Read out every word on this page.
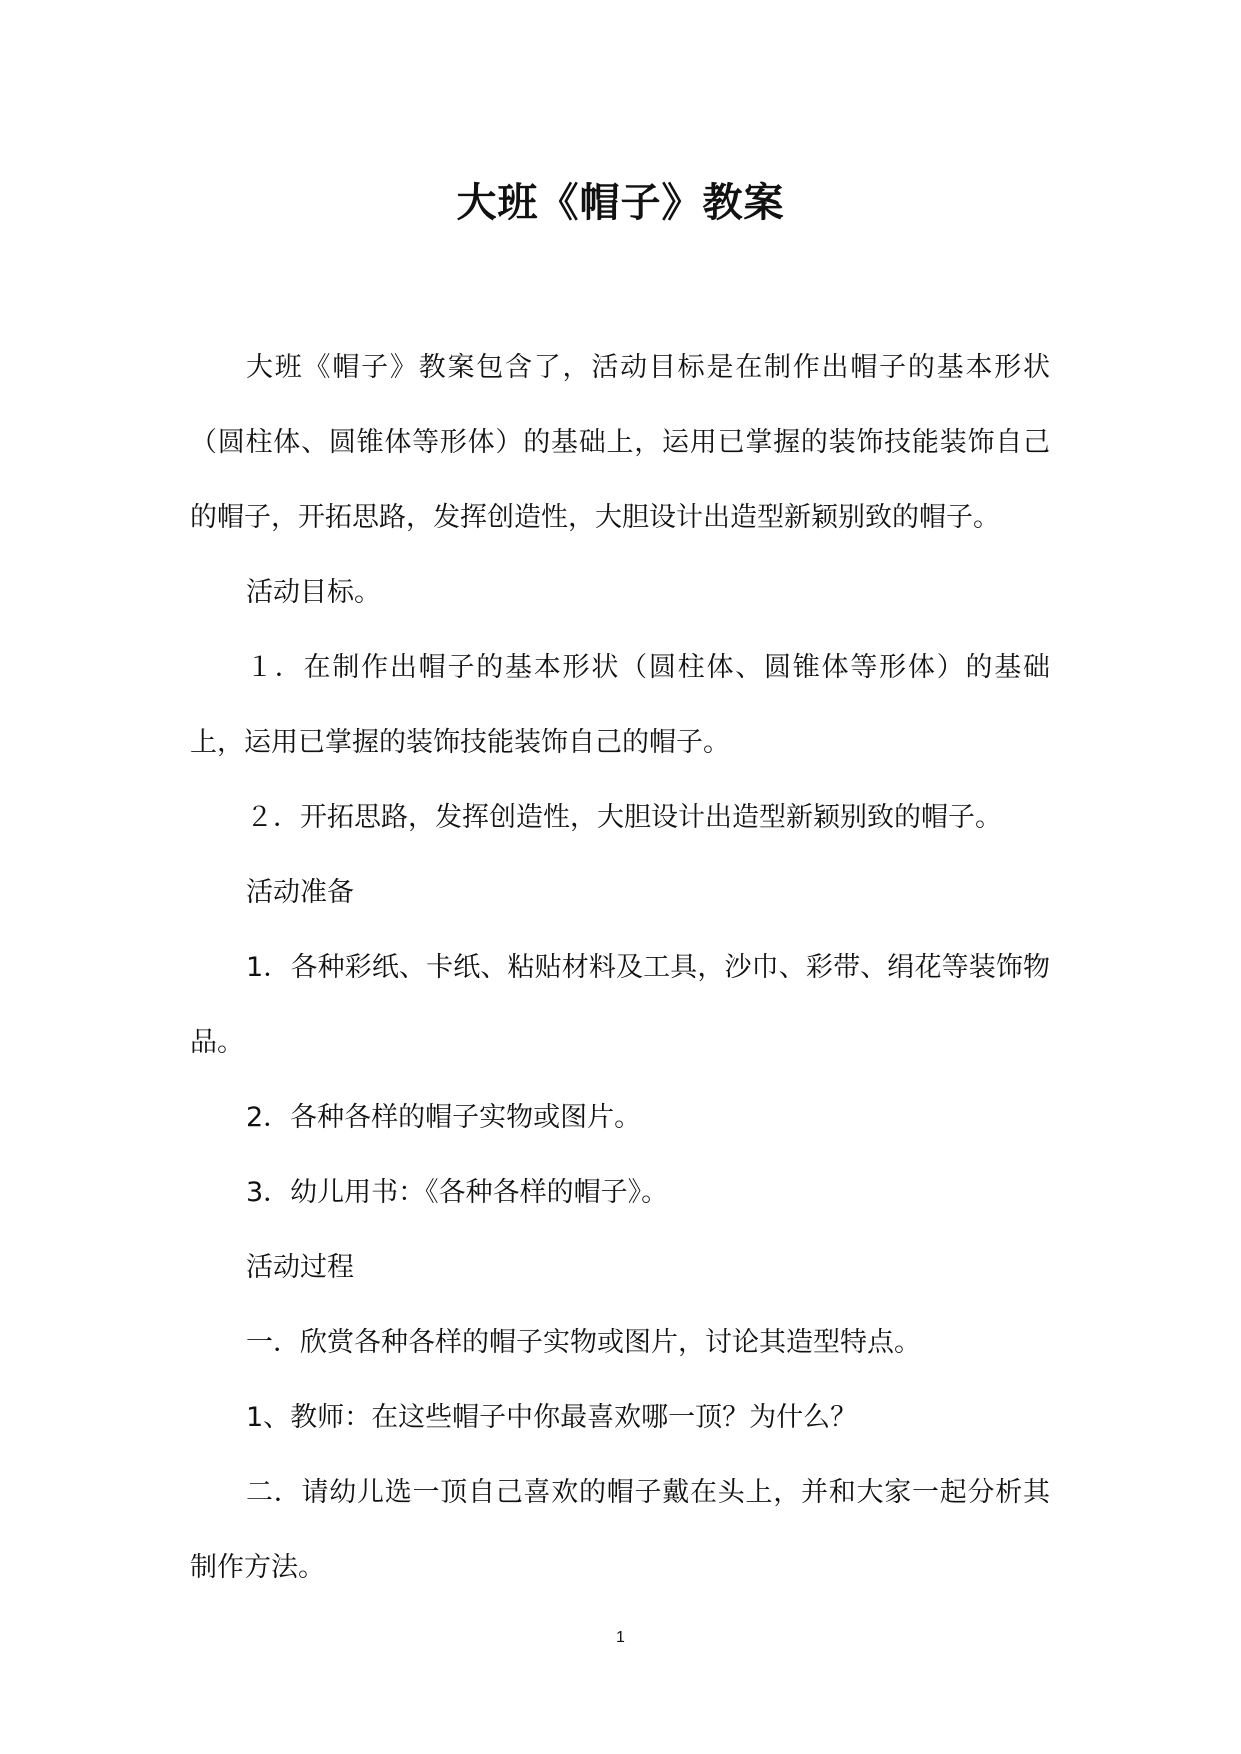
大班《帽子》教案

大班《帽子》教案包含了，活动目标是在制作出帽子的基本形状（圆柱体、圆锥体等形体）的基础上，运用已掌握的装饰技能装饰自己的帽子，开拓思路，发挥创造性，大胆设计出造型新颖别致的帽子。

活动目标。

１．在制作出帽子的基本形状（圆柱体、圆锥体等形体）的基础上，运用已掌握的装饰技能装饰自己的帽子。

２．开拓思路，发挥创造性，大胆设计出造型新颖别致的帽子。

活动准备

1．各种彩纸、卡纸、粘贴材料及工具，沙巾、彩带、绢花等装饰物品。

2．各种各样的帽子实物或图片。

3．幼儿用书：《各种各样的帽子》。

活动过程

一．欣赏各种各样的帽子实物或图片，讨论其造型特点。

1、教师：在这些帽子中你最喜欢哪一顶？为什么？

二．请幼儿选一顶自己喜欢的帽子戴在头上，并和大家一起分析其制作方法。

1
